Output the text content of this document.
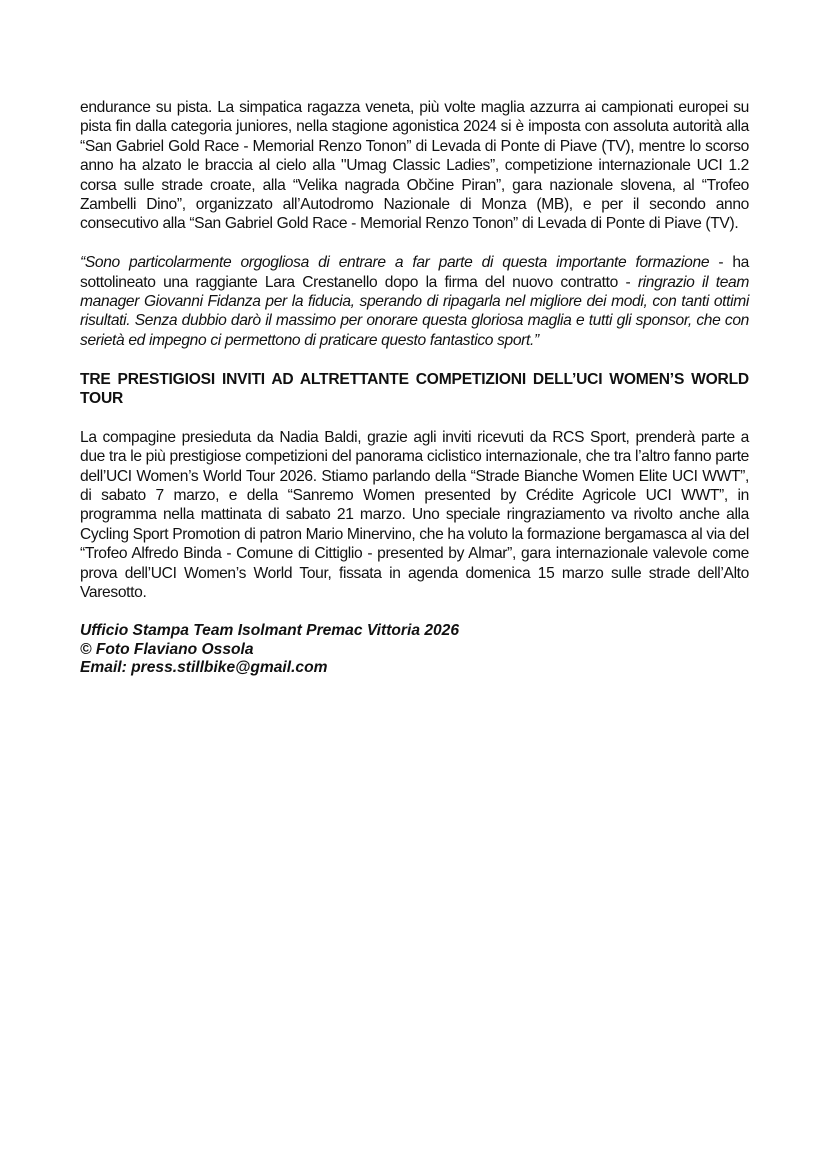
endurance su pista. La simpatica ragazza veneta, più volte maglia azzurra ai campionati europei su pista fin dalla categoria juniores, nella stagione agonistica 2024 si è imposta con assoluta autorità alla “San Gabriel Gold Race - Memorial Renzo Tonon” di Levada di Ponte di Piave (TV), mentre lo scorso anno ha alzato le braccia al cielo alla "Umag Classic Ladies”, competizione internazionale UCI 1.2 corsa sulle strade croate, alla “Velika nagrada Občine Piran”, gara nazionale slovena, al “Trofeo Zambelli Dino”, organizzato all’Autodromo Nazionale di Monza (MB), e per il secondo anno consecutivo alla “San Gabriel Gold Race - Memorial Renzo Tonon” di Levada di Ponte di Piave (TV).

“Sono particolarmente orgogliosa di entrare a far parte di questa importante formazione - ha sottolineato una raggiante Lara Crestanello dopo la firma del nuovo contratto - ringrazio il team manager Giovanni Fidanza per la fiducia, sperando di ripagarla nel migliore dei modi, con tanti ottimi risultati. Senza dubbio darò il massimo per onorare questa gloriosa maglia e tutti gli sponsor, che con serietà ed impegno ci permettono di praticare questo fantastico sport.”

TRE PRESTIGIOSI INVITI AD ALTRETTANTE COMPETIZIONI DELL’UCI WOMEN’S WORLD TOUR

La compagine presieduta da Nadia Baldi, grazie agli inviti ricevuti da RCS Sport, prenderà parte a due tra le più prestigiose competizioni del panorama ciclistico internazionale, che tra l’altro fanno parte dell’UCI Women’s World Tour 2026. Stiamo parlando della “Strade Bianche Women Elite UCI WWT”, di sabato 7 marzo, e della “Sanremo Women presented by Crédite Agricole UCI WWT”, in programma nella mattinata di sabato 21 marzo. Uno speciale ringraziamento va rivolto anche alla Cycling Sport Promotion di patron Mario Minervino, che ha voluto la formazione bergamasca al via del “Trofeo Alfredo Binda - Comune di Cittiglio - presented by Almar”, gara internazionale valevole come prova dell’UCI Women’s World Tour, fissata in agenda domenica 15 marzo sulle strade dell’Alto Varesotto.

Ufficio Stampa Team Isolmant Premac Vittoria 2026
© Foto Flaviano Ossola
Email: press.stillbike@gmail.com
